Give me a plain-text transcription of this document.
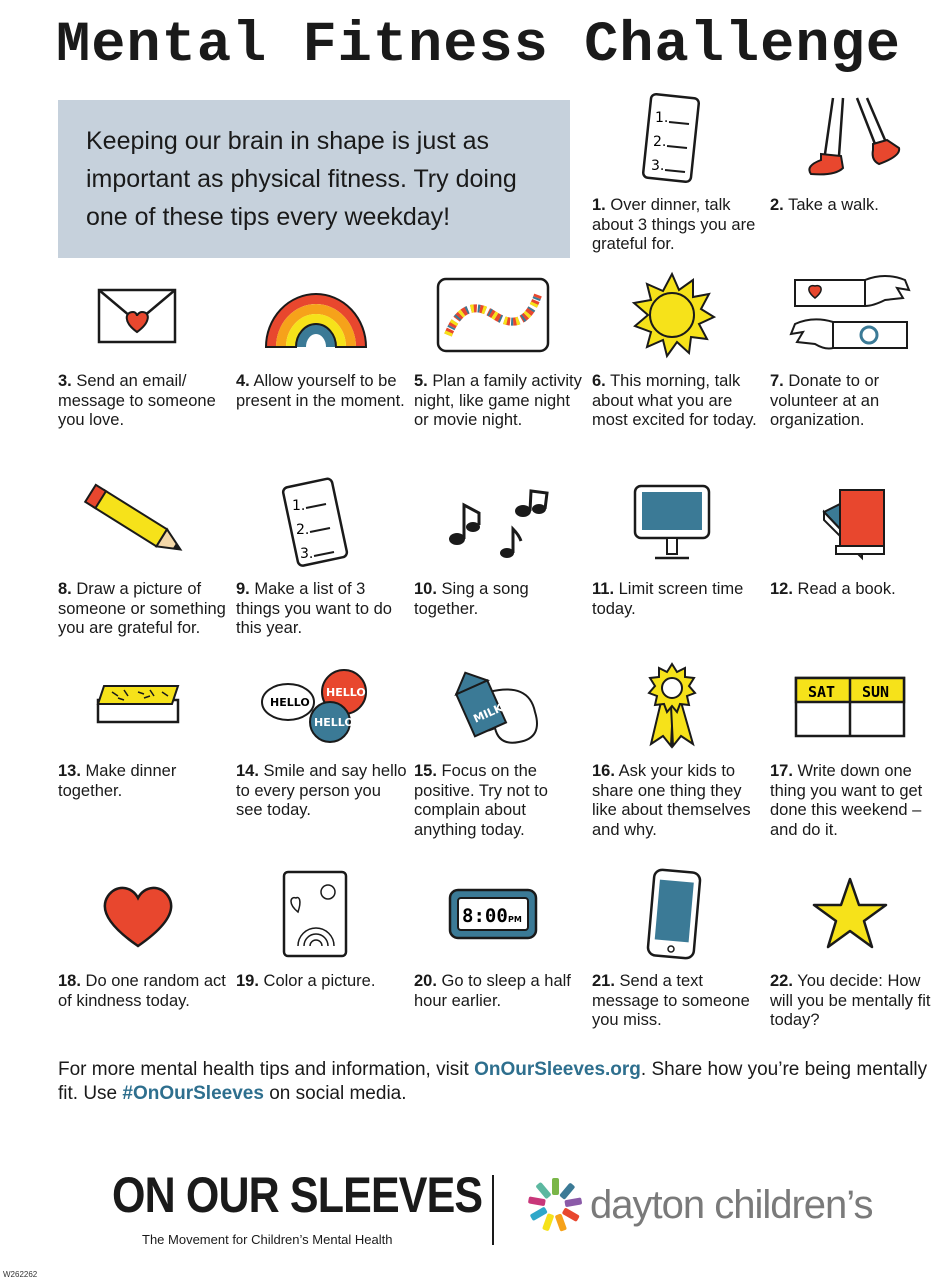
Mental Fitness Challenge

Keeping our brain in shape is just as important as physical fitness. Try doing one of these tips every weekday!

1.
2.
3.

1. Over dinner, talk about 3 things you are grateful for.

2. Take a walk.

3. Send an email/ message to someone you love.

4. Allow yourself to be present in the moment.

5. Plan a family activity night, like game night or movie night.

6. This morning, talk about what you are most excited for today.

7. Donate to or volunteer at an organization.

8. Draw a picture of someone or something you are grateful for.

1.
2.
3.

9. Make a list of 3 things you want to do this year.

10. Sing a song together.

11. Limit screen time today.

12. Read a book.

13. Make dinner together.

HELLO
HELLO
HELLO

14. Smile and say hello to every person you see today.

MILK

15. Focus on the positive. Try not to complain about anything today.

16. Ask your kids to share one thing they like about themselves and why.

SAT SUN

17. Write down one thing you want to get done this weekend – and do it.

18. Do one random act of kindness today.

19. Color a picture.

8:00 PM

20. Go to sleep a half hour earlier.

21. Send a text message to someone you miss.

22. You decide: How will you be mentally fit today?

For more mental health tips and information, visit OnOurSleeves.org. Share how you’re being mentally fit. Use #OnOurSleeves on social media.

ON OUR SLEEVES
The Movement for Children’s Mental Health
dayton children’s
W262262
